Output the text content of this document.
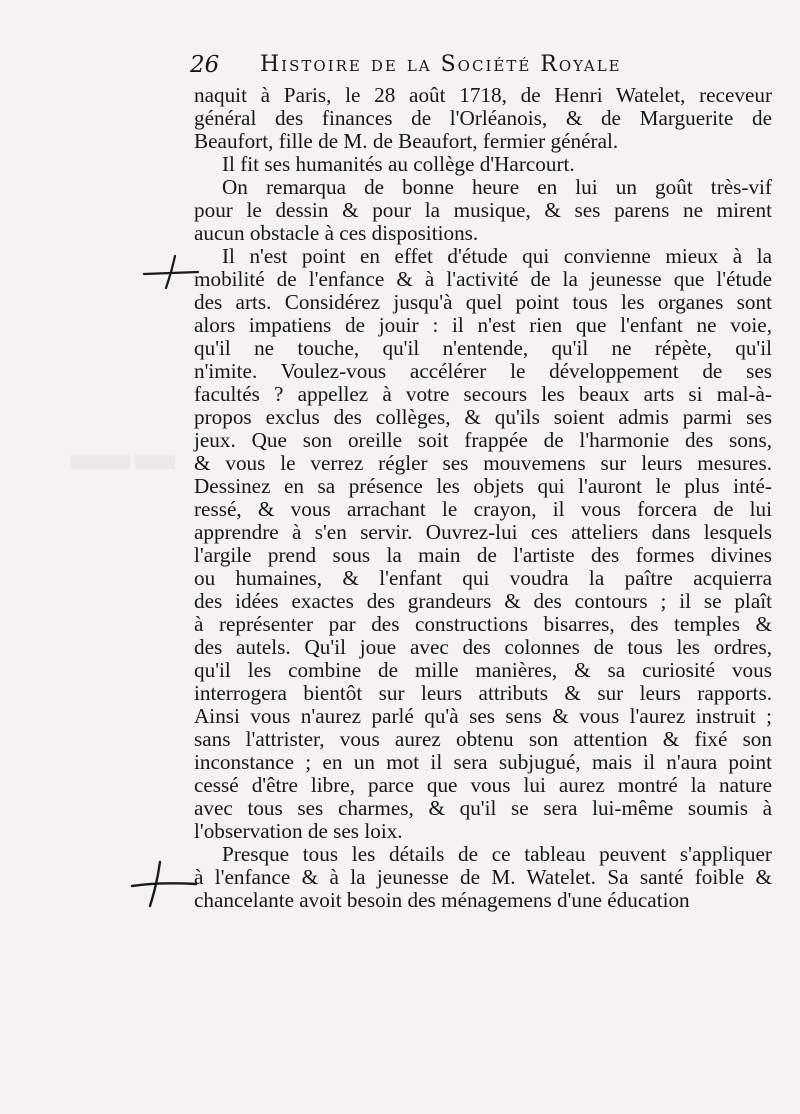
26 Histoire de la Société Royale
naquit à Paris, le 28 août 1718, de Henri Watelet, receveur
général des finances de l'Orléanois, & de Marguerite de
Beaufort, fille de M. de Beaufort, fermier général.
Il fit ses humanités au collège d'Harcourt.
On remarqua de bonne heure en lui un goût très-vif
pour le dessin & pour la musique, & ses parens ne mirent
aucun obstacle à ces dispositions.
Il n'est point en effet d'étude qui convienne mieux à la
mobilité de l'enfance & à l'activité de la jeunesse que l'étude
des arts. Considérez jusqu'à quel point tous les organes sont
alors impatiens de jouir : il n'est rien que l'enfant ne voie,
qu'il ne touche, qu'il n'entende, qu'il ne répète, qu'il
n'imite. Voulez-vous accélérer le développement de ses
facultés ? appellez à votre secours les beaux arts si mal-à-
propos exclus des collèges, & qu'ils soient admis parmi ses
jeux. Que son oreille soit frappée de l'harmonie des sons,
& vous le verrez régler ses mouvemens sur leurs mesures.
Dessinez en sa présence les objets qui l'auront le plus inté-
ressé, & vous arrachant le crayon, il vous forcera de lui
apprendre à s'en servir. Ouvrez-lui ces atteliers dans lesquels
l'argile prend sous la main de l'artiste des formes divines
ou humaines, & l'enfant qui voudra la paître acquierra
des idées exactes des grandeurs & des contours ; il se plaît
à représenter par des constructions bisarres, des temples &
des autels. Qu'il joue avec des colonnes de tous les ordres,
qu'il les combine de mille manières, & sa curiosité vous
interrogera bientôt sur leurs attributs & sur leurs rapports.
Ainsi vous n'aurez parlé qu'à ses sens & vous l'aurez instruit ;
sans l'attrister, vous aurez obtenu son attention & fixé son
inconstance ; en un mot il sera subjugué, mais il n'aura point
cessé d'être libre, parce que vous lui aurez montré la nature
avec tous ses charmes, & qu'il se sera lui-même soumis à
l'observation de ses loix.
Presque tous les détails de ce tableau peuvent s'appliquer
à l'enfance & à la jeunesse de M. Watelet. Sa santé foible &
chancelante avoit besoin des ménagemens d'une éducation
